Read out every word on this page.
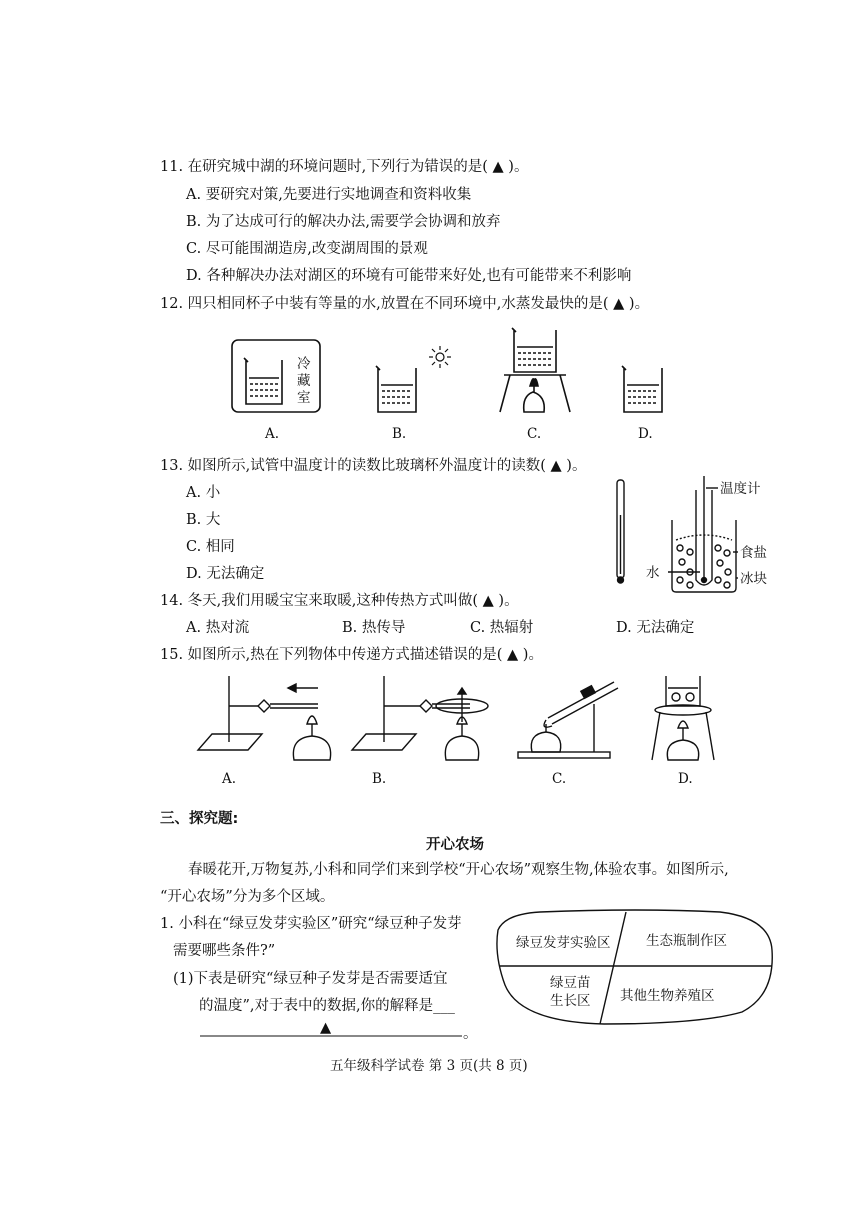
11. 在研究城中湖的环境问题时,下列行为错误的是( ▲ )。
A. 要研究对策,先要进行实地调查和资料收集
B. 为了达成可行的解决办法,需要学会协调和放弃
C. 尽可能围湖造房,改变湖周围的景观
D. 各种解决办法对湖区的环境有可能带来好处,也有可能带来不利影响
12. 四只相同杯子中装有等量的水,放置在不同环境中,水蒸发最快的是( ▲ )。
冷
藏
室
A.	B.	C.	D.
温度计
食盐
水	冰块
A.	B.	C.	D.
绿豆发芽实验区	生态瓶制作区
绿豆苗
生长区 其他生物养殖区
13. 如图所示,试管中温度计的读数比玻璃杯外温度计的读数( ▲ )。
A. 小
B. 大
C. 相同
D. 无法确定
14. 冬天,我们用暖宝宝来取暖,这种传热方式叫做( ▲ )。
A. 热对流	B. 热传导	C. 热辐射	D. 无法确定
15. 如图所示,热在下列物体中传递方式描述错误的是( ▲ )。
三、探究题:
开心农场
春暖花开,万物复苏,小科和同学们来到学校“开心农场”观察生物,体验农事。如图所示,
“开心农场”分为多个区域。
1. 小科在“绿豆发芽实验区”研究“绿豆种子发芽
需要哪些条件?”
(1)下表是研究“绿豆种子发芽是否需要适宜
的温度”,对于表中的数据,你的解释是___
▲	。
五年级科学试卷 第 3 页(共 8 页)
